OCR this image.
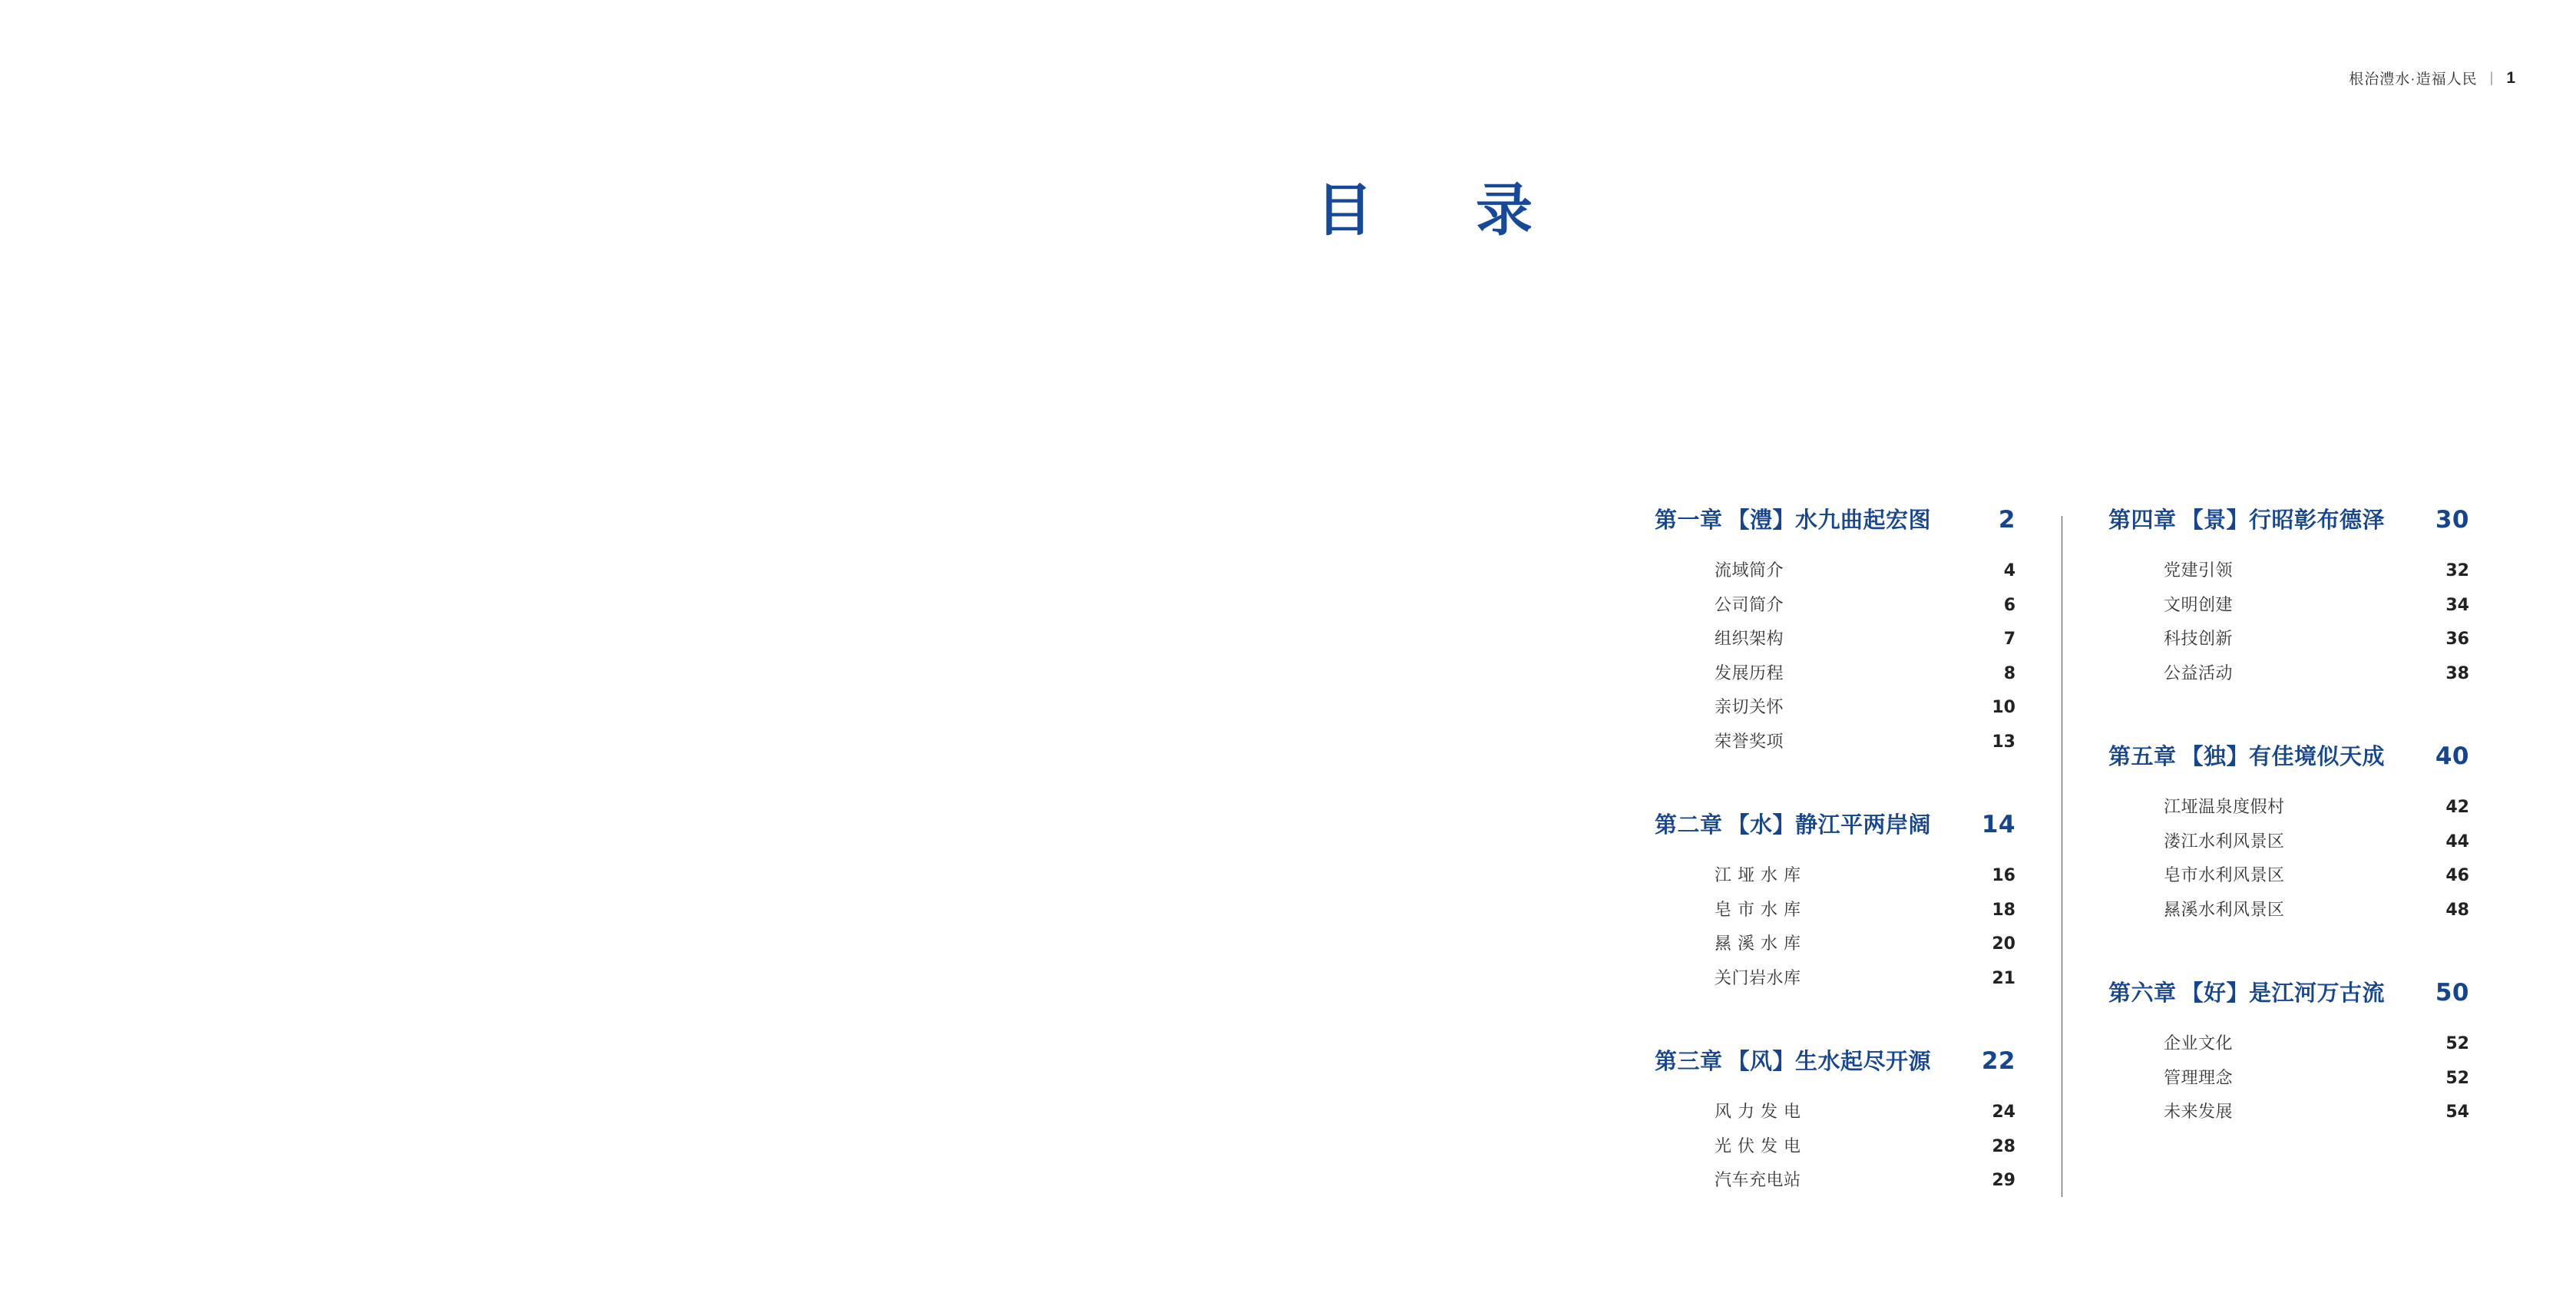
根治澧水·造福人民 | 1
目　录
第一章 【澧】水九曲起宏图	2
流域简介	4
公司简介	6
组织架构	7
发展历程	8
亲切关怀	10
荣誉奖项	13
第二章 【水】静江平两岸阔	14
江 垭 水 库	16
皂 市 水 库	18
㬎 溪 水 库	20
关门岩水库	21
第三章 【风】生水起尽开源	22
风 力 发 电	24
光 伏 发 电	28
汽车充电站	29
第四章 【景】行昭彰布德泽	30
党建引领	32
文明创建	34
科技创新	36
公益活动	38
第五章 【独】有佳境似天成	40
江垭温泉度假村	42
溇江水利风景区	44
皂市水利风景区	46
㬎溪水利风景区	48
第六章 【好】是江河万古流	50
企业文化	52
管理理念	52
未来发展	54
